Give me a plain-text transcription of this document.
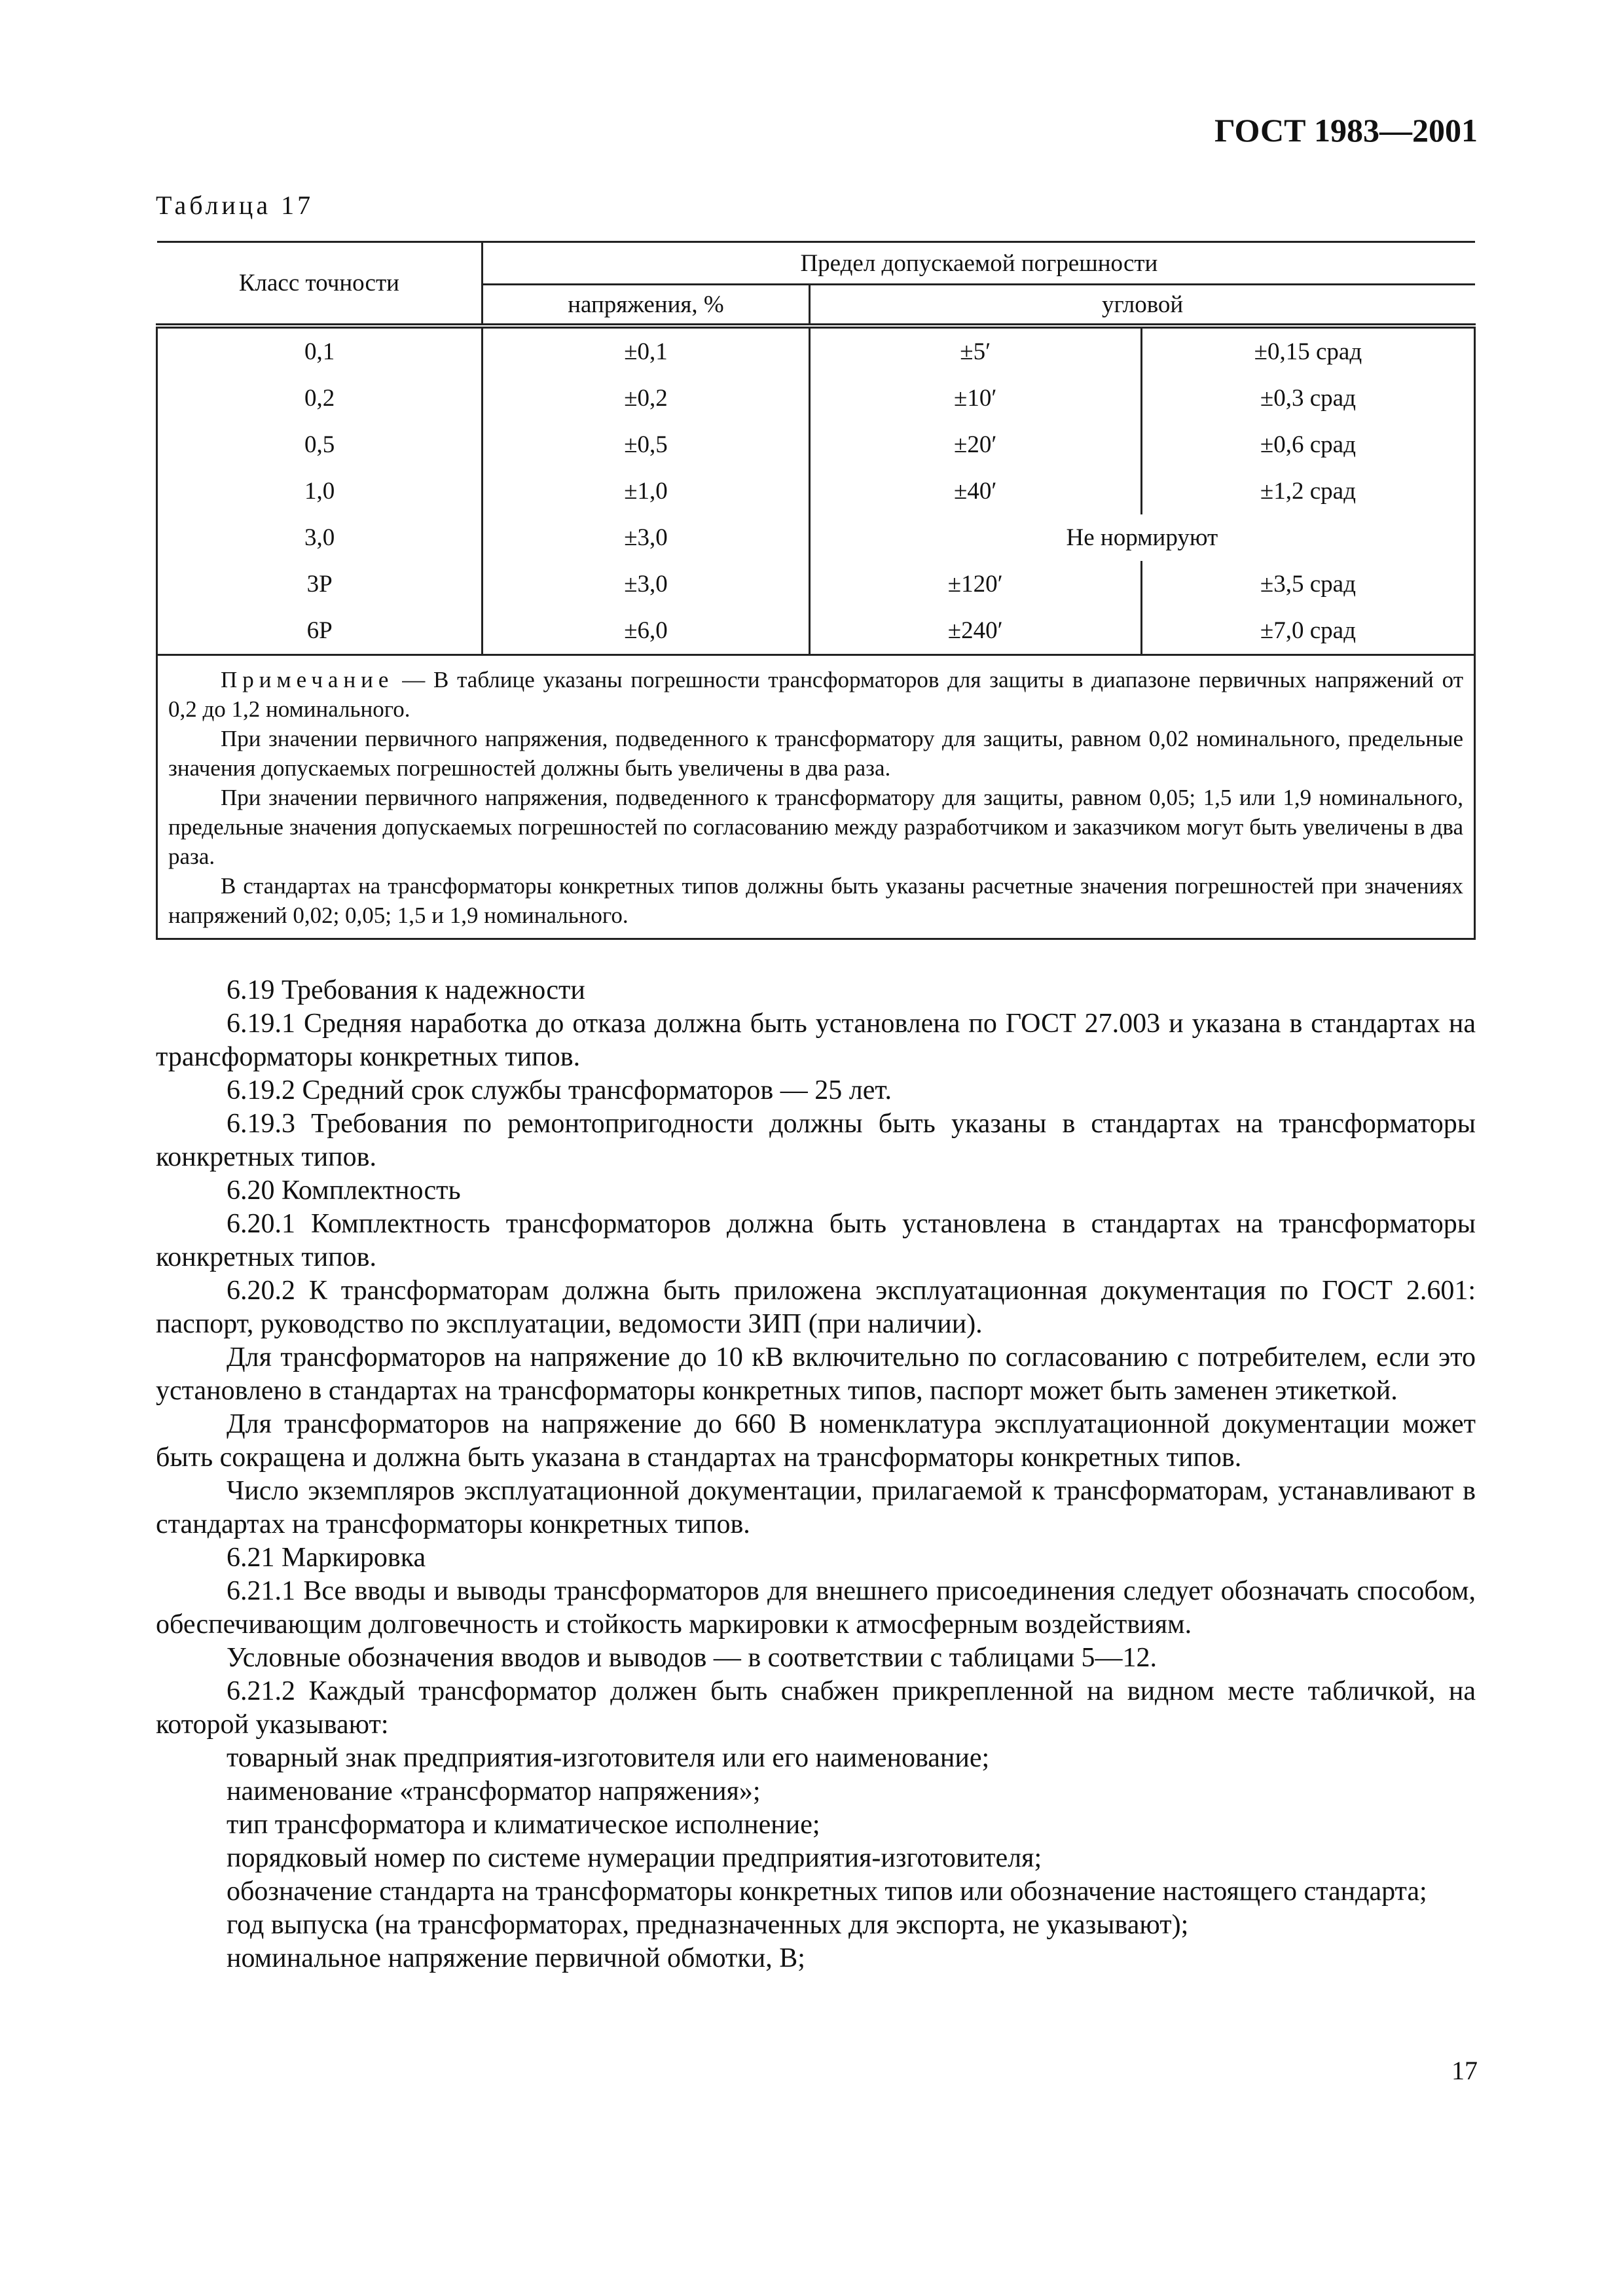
ГОСТ 1983—2001
Таблица 17
Класс точности	Предел допускаемой погрешности		
	напряжения, %	угловой	
0,1	±0,1	±5′	±0,15 срад
0,2	±0,2	±10′	±0,3 срад
0,5	±0,5	±20′	±0,6 срад
1,0	±1,0	±40′	±1,2 срад
3,0	±3,0	Не нормируют	
3Р	±3,0	±120′	±3,5 срад
6Р	±6,0	±240′	±7,0 срад

Примечание — В таблице указаны погрешности трансформаторов для защиты в диапазоне первичных напряжений от 0,2 до 1,2 номинального.

При значении первичного напряжения, подведенного к трансформатору для защиты, равном 0,02 номинального, предельные значения допускаемых погрешностей должны быть увеличены в два раза.

При значении первичного напряжения, подведенного к трансформатору для защиты, равном 0,05; 1,5 или 1,9 номинального, предельные значения допускаемых погрешностей по согласованию между разработчиком и заказчиком могут быть увеличены в два раза.

В стандартах на трансформаторы конкретных типов должны быть указаны расчетные значения погрешностей при значениях напряжений 0,02; 0,05; 1,5 и 1,9 номинального.			

6.19 Требования к надежности

6.19.1 Средняя наработка до отказа должна быть установлена по ГОСТ 27.003 и указана в стандартах на трансформаторы конкретных типов.

6.19.2 Средний срок службы трансформаторов — 25 лет.

6.19.3 Требования по ремонтопригодности должны быть указаны в стандартах на трансформаторы конкретных типов.

6.20 Комплектность

6.20.1 Комплектность трансформаторов должна быть установлена в стандартах на трансформаторы конкретных типов.

6.20.2 К трансформаторам должна быть приложена эксплуатационная документация по ГОСТ 2.601: паспорт, руководство по эксплуатации, ведомости ЗИП (при наличии).

Для трансформаторов на напряжение до 10 кВ включительно по согласованию с потребителем, если это установлено в стандартах на трансформаторы конкретных типов, паспорт может быть заменен этикеткой.

Для трансформаторов на напряжение до 660 В номенклатура эксплуатационной документации может быть сокращена и должна быть указана в стандартах на трансформаторы конкретных типов.

Число экземпляров эксплуатационной документации, прилагаемой к трансформаторам, устанавливают в стандартах на трансформаторы конкретных типов.

6.21 Маркировка

6.21.1 Все вводы и выводы трансформаторов для внешнего присоединения следует обозначать способом, обеспечивающим долговечность и стойкость маркировки к атмосферным воздействиям.

Условные обозначения вводов и выводов — в соответствии с таблицами 5—12.

6.21.2 Каждый трансформатор должен быть снабжен прикрепленной на видном месте табличкой, на которой указывают:

товарный знак предприятия-изготовителя или его наименование;

наименование «трансформатор напряжения»;

тип трансформатора и климатическое исполнение;

порядковый номер по системе нумерации предприятия-изготовителя;

обозначение стандарта на трансформаторы конкретных типов или обозначение настоящего стандарта;

год выпуска (на трансформаторах, предназначенных для экспорта, не указывают);

номинальное напряжение первичной обмотки, В;

17
